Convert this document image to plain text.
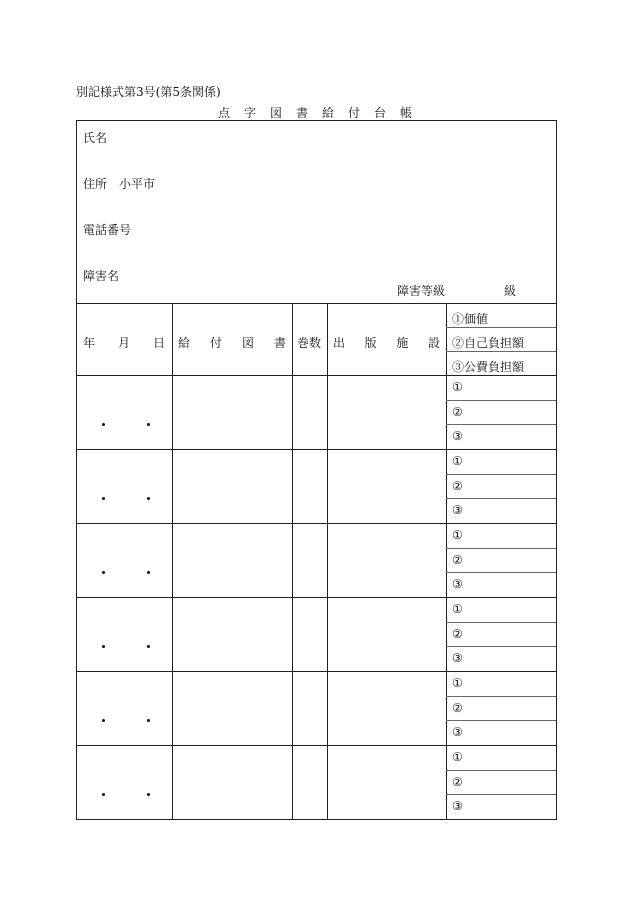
別記様式第3号(第5条関係)
点 字 図 書 給 付 台 帳
氏名
住所 小平市
電話番号
障害名
障害等級	級
年 月 日 給 付 図 書 巻数 出 版 施 設
①価値
②自己負担額
③公費負担額
①
②
③
①
②
③
①
②
③
①
②
③
①
②
③
①
②
③
